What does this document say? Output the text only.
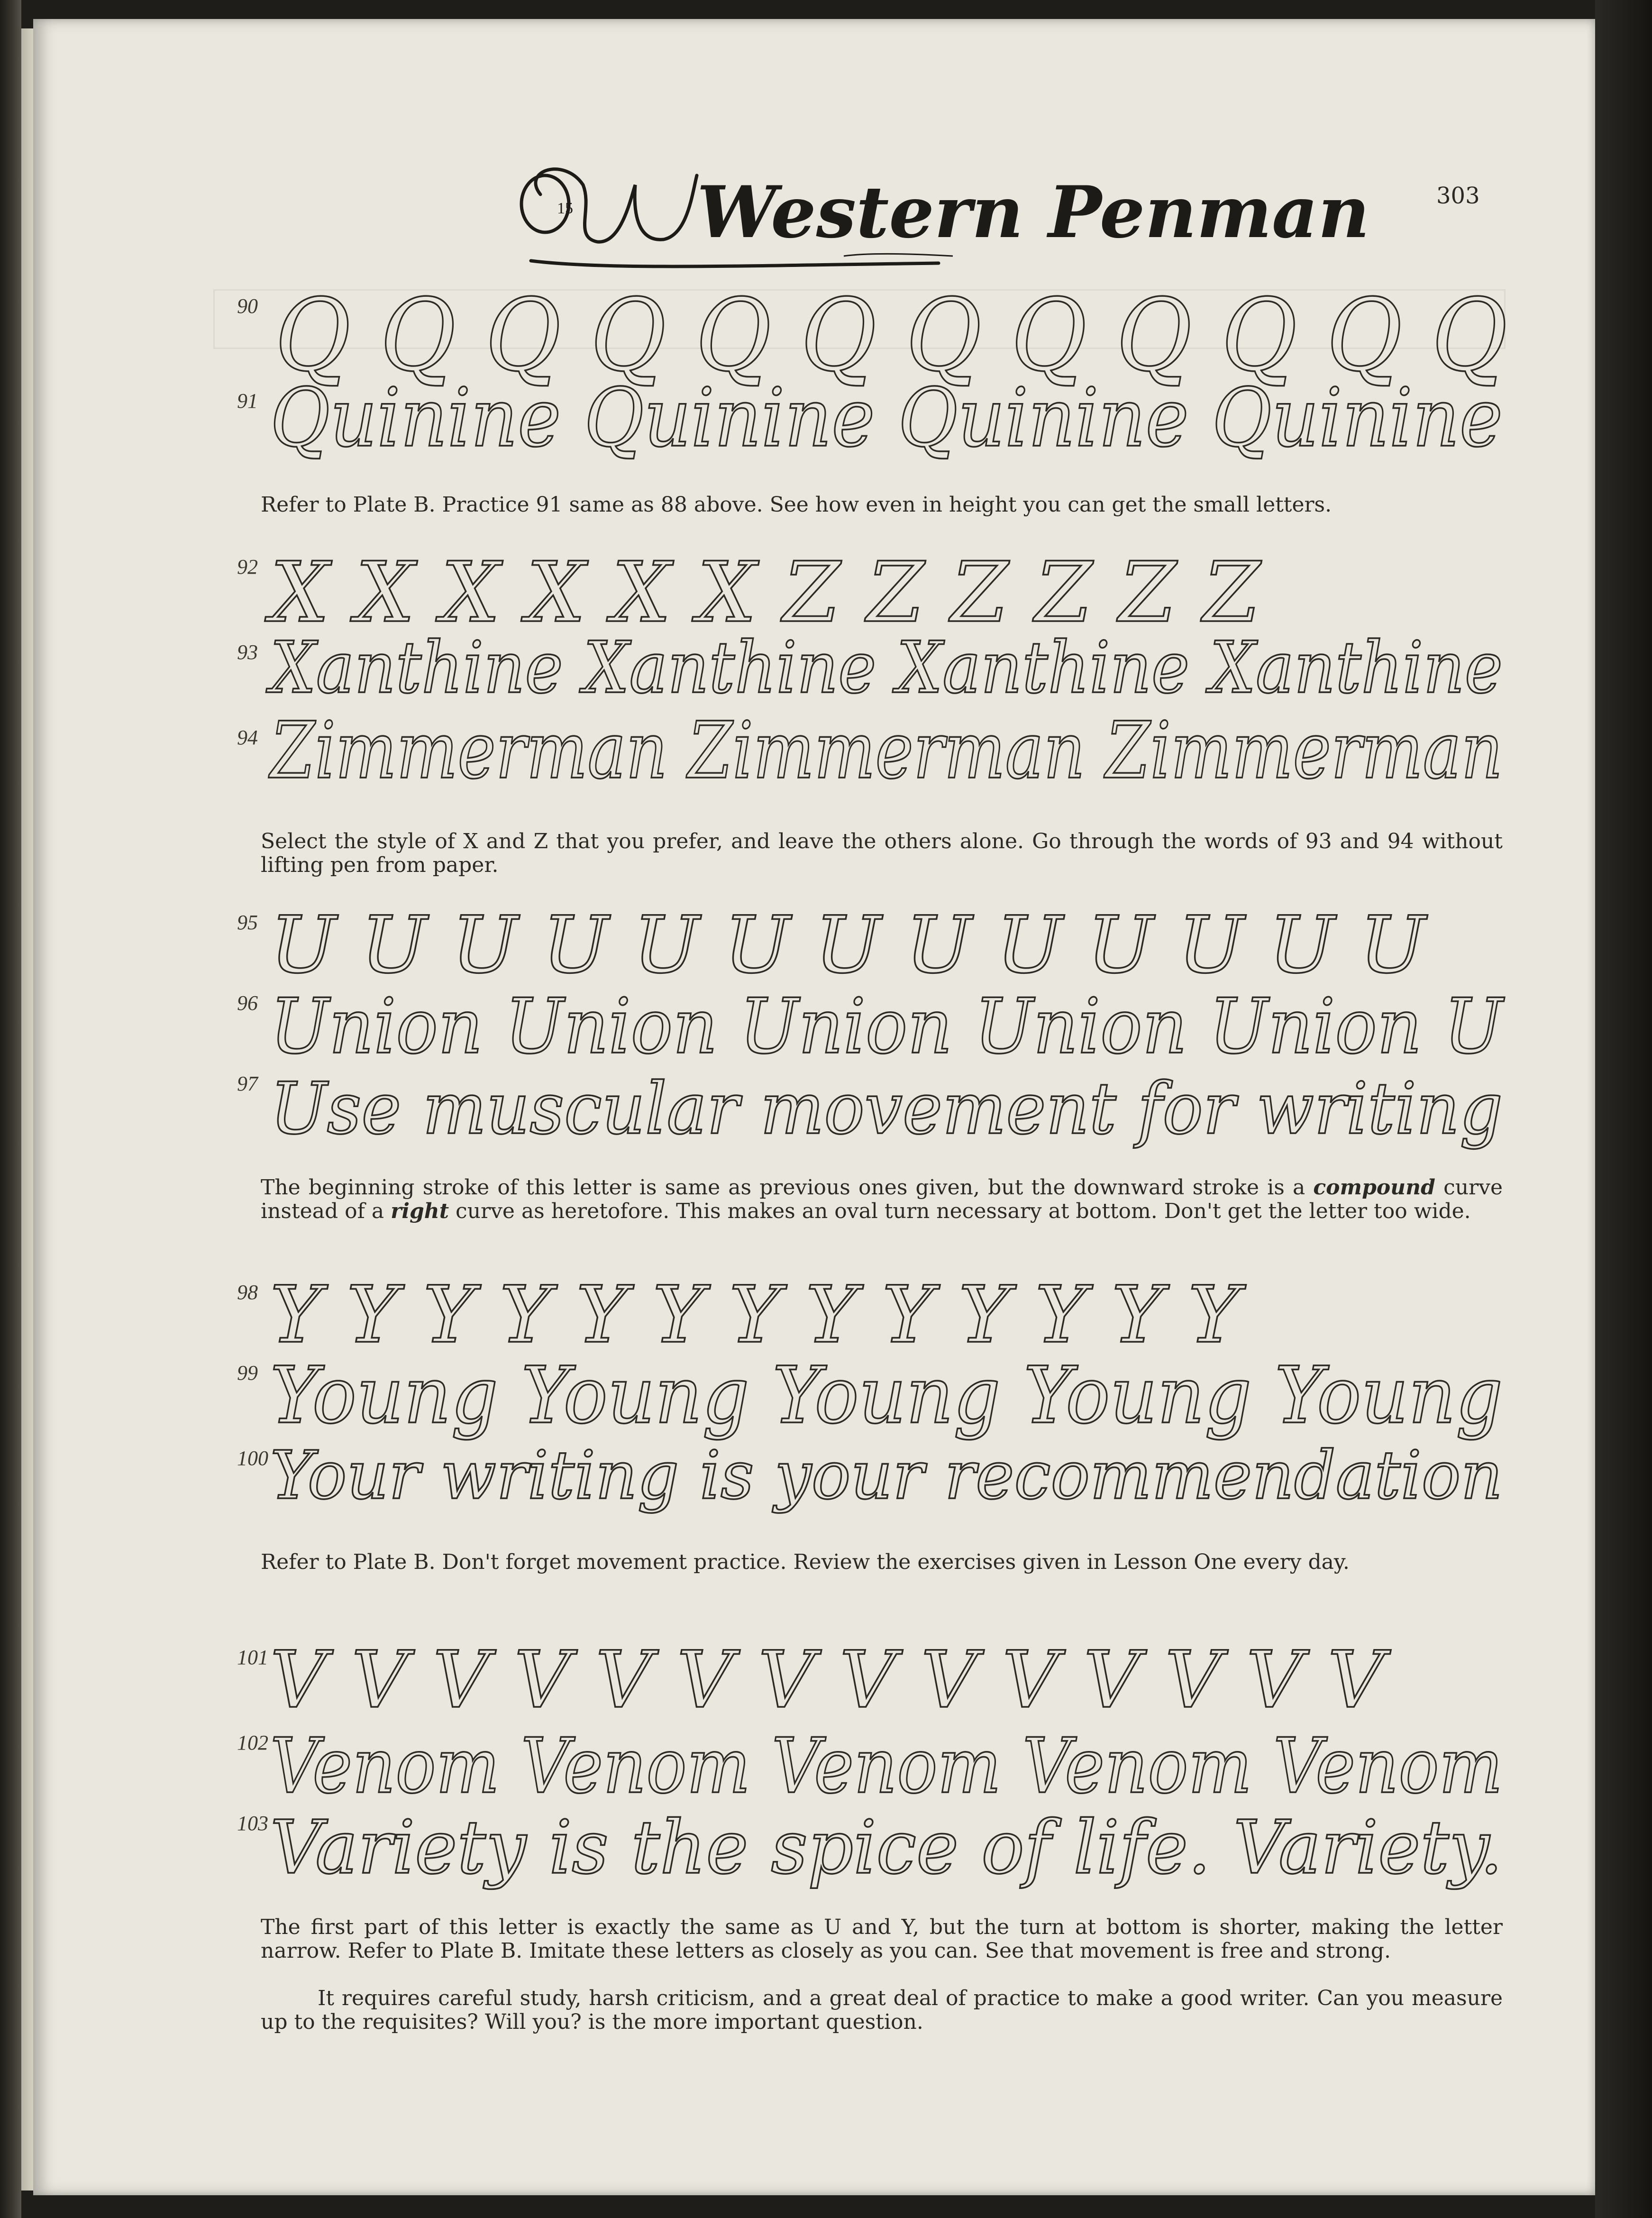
15 Western Penman	303
90 Q Q Q Q Q Q Q Q Q Q Q Q
91 Quinine Quinine Quinine Quinine

Refer to Plate B. Practice 91 same as 88 above. See how even in height you can get the small letters.

92 X X X X X X Z Z Z Z Z Z
93 Xanthine Xanthine Xanthine Xanthine
94 Zimmerman Zimmerman Zimmerman

Select the style of X and Z that you prefer, and leave the others alone. Go through the words of 93 and 94 without lifting pen from paper.

95 U U U U U U U U U U U U U
96 Union Union Union Union Union U
97 Use muscular movement for writing

The beginning stroke of this letter is same as previous ones given, but the downward stroke is a compound curve instead of a right curve as heretofore. This makes an oval turn necessary at bottom. Don't get the letter too wide.

98 Y Y Y Y Y Y Y Y Y Y Y Y Y
99 Young Young Young Young Young
100 Your writing is your recommendation

Refer to Plate B. Don't forget movement practice. Review the exercises given in Lesson One every day.

101 V V V V V V V V V V V V V V
102 Venom Venom Venom Venom Venom
103 Variety is the spice of life. Variety.

The first part of this letter is exactly the same as U and Y, but the turn at bottom is shorter, making the letter narrow. Refer to Plate B. Imitate these letters as closely as you can. See that movement is free and strong.

It requires careful study, harsh criticism, and a great deal of practice to make a good writer. Can you measure up to the requisites? Will you? is the more important question.
